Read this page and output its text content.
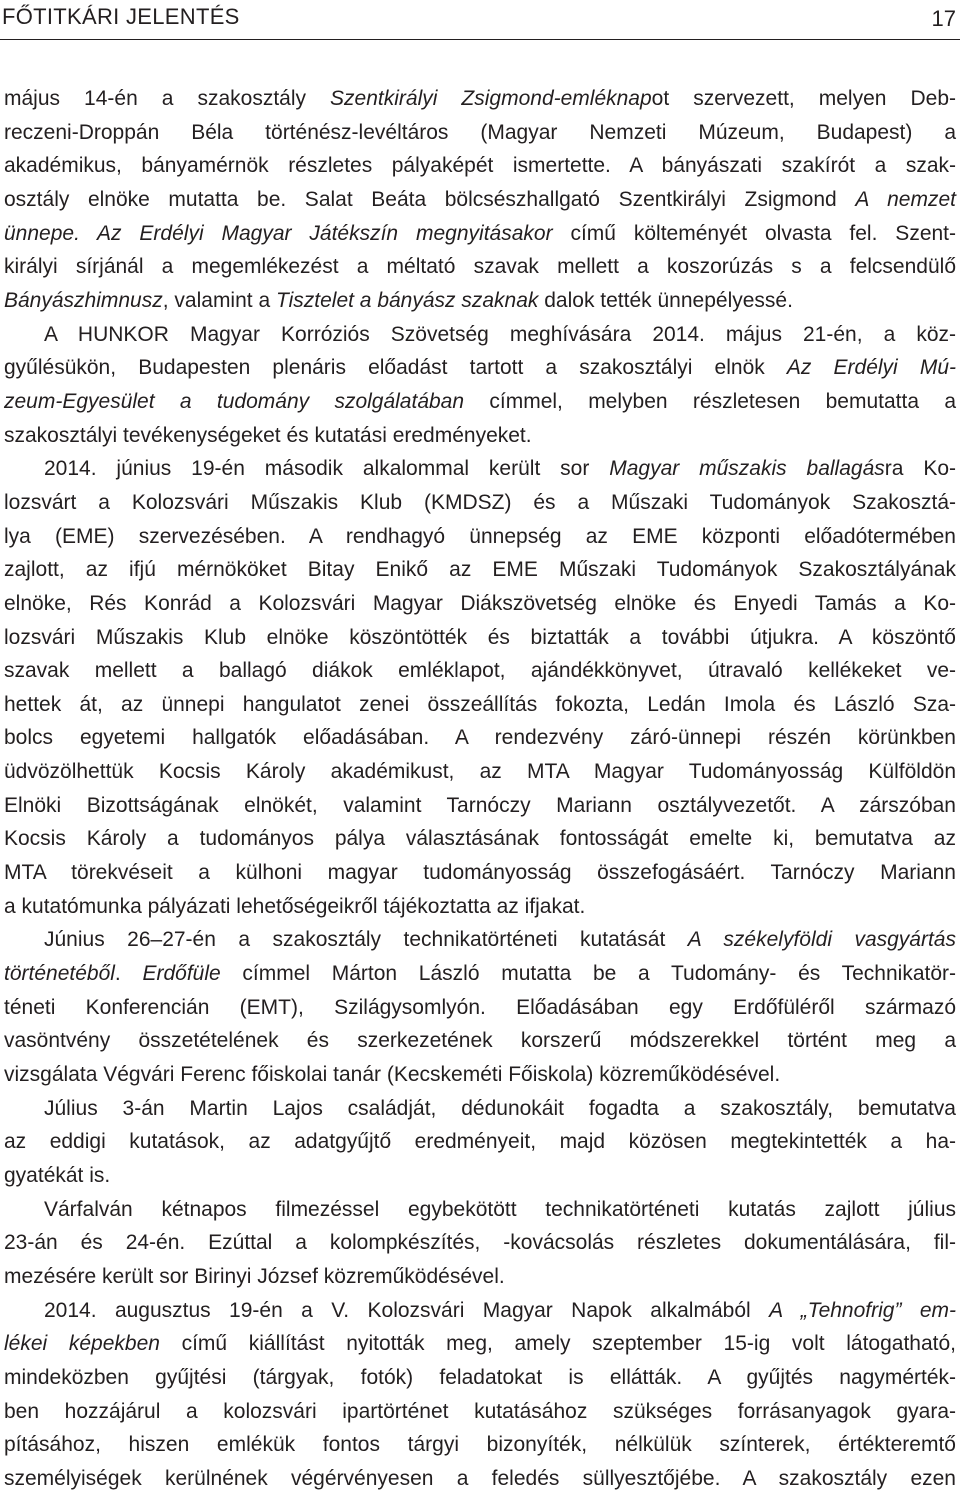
FŐTITKÁRI JELENTÉS	17

május 14-én a szakosztály Szentkirályi Zsigmond-emléknapot szervezett, melyen Deb-

reczeni-Droppán Béla történész-levéltáros (Magyar Nemzeti Múzeum, Budapest) a

akadémikus, bányamérnök részletes pályaképét ismertette. A bányászati szakírót a szak-

osztály elnöke mutatta be. Salat Beáta bölcsészhallgató Szentkirályi Zsigmond A nemzet

ünnepe. Az Erdélyi Magyar Játékszín megnyitásakor című költeményét olvasta fel. Szent-

királyi sírjánál a megemlékezést a méltató szavak mellett a koszorúzás s a felcsendülő

Bányászhimnusz, valamint a Tisztelet a bányász szaknak dalok tették ünnepélyessé.

A HUNKOR Magyar Korróziós Szövetség meghívására 2014. május 21-én, a köz-

gyűlésükön, Budapesten plenáris előadást tartott a szakosztályi elnök Az Erdélyi Mú-

zeum-Egyesület a tudomány szolgálatában címmel, melyben részletesen bemutatta a

szakosztályi tevékenységeket és kutatási eredményeket.

2014. június 19-én második alkalommal került sor Magyar műszakis ballagásra Ko-

lozsvárt a Kolozsvári Műszakis Klub (KMDSZ) és a Műszaki Tudományok Szakosztá-

lya (EME) szervezésében. A rendhagyó ünnepség az EME központi előadótermében

zajlott, az ifjú mérnököket Bitay Enikő az EME Műszaki Tudományok Szakosztályának

elnöke, Rés Konrád a Kolozsvári Magyar Diákszövetség elnöke és Enyedi Tamás a Ko-

lozsvári Műszakis Klub elnöke köszöntötték és biztatták a további útjukra. A köszöntő

szavak mellett a ballagó diákok emléklapot, ajándékkönyvet, útravaló kellékeket ve-

hettek át, az ünnepi hangulatot zenei összeállítás fokozta, Ledán Imola és László Sza-

bolcs egyetemi hallgatók előadásában. A rendezvény záró-ünnepi részén körünkben

üdvözölhettük Kocsis Károly akadémikust, az MTA Magyar Tudományosság Külföldön

Elnöki Bizottságának elnökét, valamint Tarnóczy Mariann osztályvezetőt. A zárszóban

Kocsis Károly a tudományos pálya választásának fontosságát emelte ki, bemutatva az

MTA törekvéseit a külhoni magyar tudományosság összefogásáért. Tarnóczy Mariann

a kutatómunka pályázati lehetőségeikről tájékoztatta az ifjakat.

Június 26–27-én a szakosztály technikatörténeti kutatását A székelyföldi vasgyártás

történetéből. Erdőfüle címmel Márton László mutatta be a Tudomány- és Technikatör-

téneti Konferencián (EMT), Szilágysomlyón. Előadásában egy Erdőfüléről származó

vasöntvény összetételének és szerkezetének korszerű módszerekkel történt meg a

vizsgálata Végvári Ferenc főiskolai tanár (Kecskeméti Főiskola) közreműködésével.

Július 3-án Martin Lajos családját, dédunokáit fogadta a szakosztály, bemutatva

az eddigi kutatások, az adatgyűjtő eredményeit, majd közösen megtekintették a ha-

gyatékát is.

Várfalván kétnapos filmezéssel egybekötött technikatörténeti kutatás zajlott július

23-án és 24-én. Ezúttal a kolompkészítés, -kovácsolás részletes dokumentálására, fil-

mezésére került sor Birinyi József közreműködésével.

2014. augusztus 19-én a V. Kolozsvári Magyar Napok alkalmából A „Tehnofrig” em-

lékei képekben című kiállítást nyitották meg, amely szeptember 15-ig volt látogatható,

mindeközben gyűjtési (tárgyak, fotók) feladatokat is ellátták. A gyűjtés nagymérték-

ben hozzájárul a kolozsvári ipartörténet kutatásához szükséges forrásanyagok gyara-

pításához, hiszen emlékük fontos tárgyi bizonyíték, nélkülük színterek, értékteremtő

személyiségek kerülnének végérvényesen a feledés süllyesztőjébe. A szakosztály ezen
